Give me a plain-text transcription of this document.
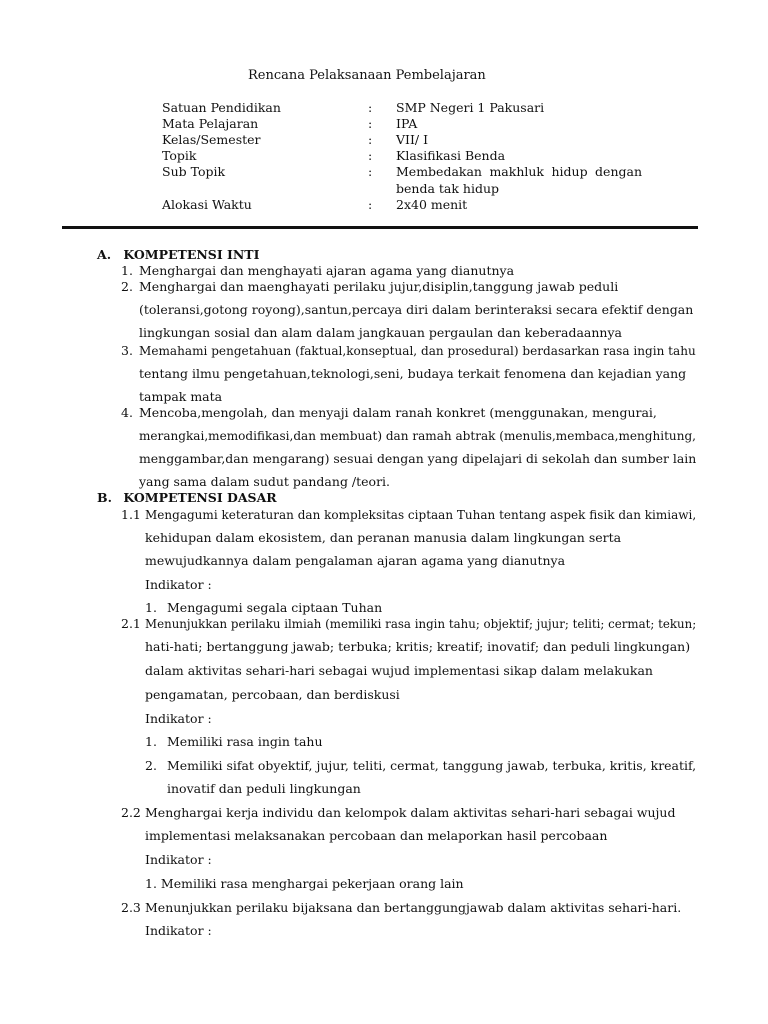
Rencana Pelaksanaan Pembelajaran
Satuan Pendidikan	: SMP Negeri 1 Pakusari
Mata Pelajaran	: IPA
Kelas/Semester	: VII/ I
Topik	: Klasifikasi Benda
Sub Topik	: Membedakan makhluk hidup dengan
benda tak hidup
Alokasi Waktu	: 2x40 menit
A. KOMPETENSI INTI
1. Menghargai dan menghayati ajaran agama yang dianutnya
2. Menghargai dan maenghayati perilaku jujur,disiplin,tanggung jawab peduli
(toleransi,gotong royong),santun,percaya diri dalam berinteraksi secara efektif dengan
lingkungan sosial dan alam dalam jangkauan pergaulan dan keberadaannya
3. Memahami pengetahuan (faktual,konseptual, dan prosedural) berdasarkan rasa ingin tahu
tentang ilmu pengetahuan,teknologi,seni, budaya terkait fenomena dan kejadian yang
tampak mata
4. Mencoba,mengolah, dan menyaji dalam ranah konkret (menggunakan, mengurai,
merangkai,memodifikasi,dan membuat) dan ramah abtrak (menulis,membaca,menghitung,
menggambar,dan mengarang) sesuai dengan yang dipelajari di sekolah dan sumber lain
yang sama dalam sudut pandang /teori.
B. KOMPETENSI DASAR
1.1 Mengagumi keteraturan dan kompleksitas ciptaan Tuhan tentang aspek fisik dan kimiawi,
kehidupan dalam ekosistem, dan peranan manusia dalam lingkungan serta
mewujudkannya dalam pengalaman ajaran agama yang dianutnya
Indikator :
1. Mengagumi segala ciptaan Tuhan
2.1 Menunjukkan perilaku ilmiah (memiliki rasa ingin tahu; objektif; jujur; teliti; cermat; tekun;
hati-hati; bertanggung jawab; terbuka; kritis; kreatif; inovatif; dan peduli lingkungan)
dalam aktivitas sehari-hari sebagai wujud implementasi sikap dalam melakukan
pengamatan, percobaan, dan berdiskusi
Indikator :
1. Memiliki rasa ingin tahu
2. Memiliki sifat obyektif, jujur, teliti, cermat, tanggung jawab, terbuka, kritis, kreatif,
inovatif dan peduli lingkungan
2.2 Menghargai kerja individu dan kelompok dalam aktivitas sehari-hari sebagai wujud
implementasi melaksanakan percobaan dan melaporkan hasil percobaan
Indikator :
1. Memiliki rasa menghargai pekerjaan orang lain
2.3 Menunjukkan perilaku bijaksana dan bertanggungjawab dalam aktivitas sehari-hari.
Indikator :
